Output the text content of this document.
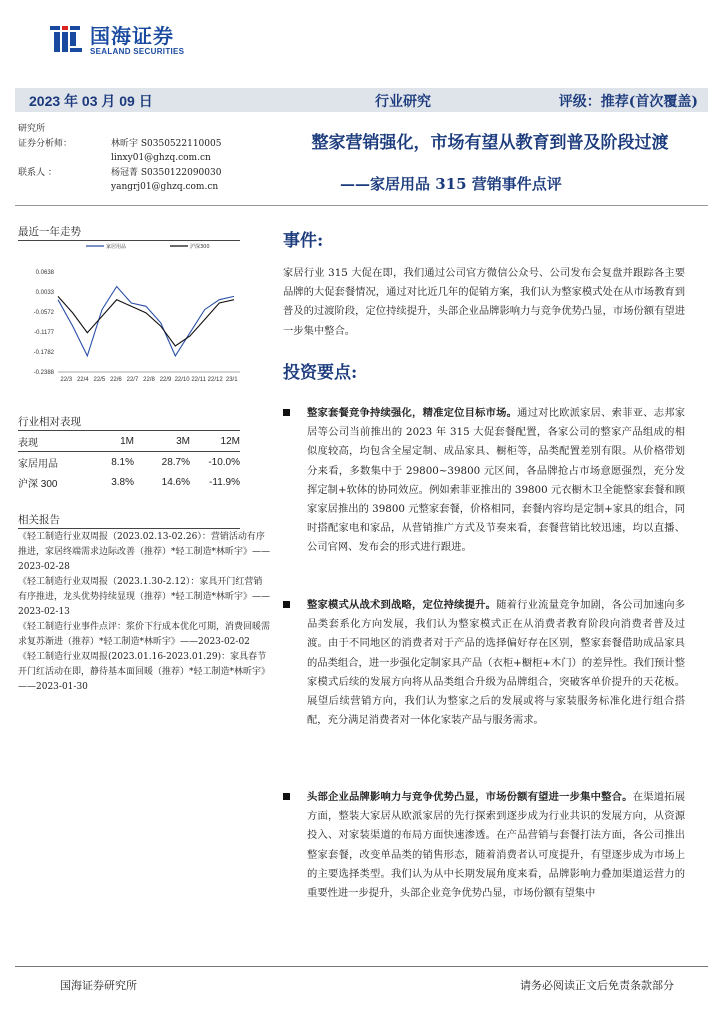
国海证券
SEALAND SECURITIES
2023 年 03 月 09 日	行业研究	评级：推荐(首次覆盖)
研究所
证券分析师：	林昕宇 S0350522110005
linxy01@ghzq.com.cn
联系人 ：	杨冠菁 S0350122090030
yangrj01@ghzq.com.cn
整家营销强化，市场有望从教育到普及阶段过渡
——家居用品 315 营销事件点评
最近一年走势
0.0638
0.0033
-0.0572
-0.1177
-0.1782
-0.2388
22/3 22/4 22/5 22/6 22/7 22/8 22/9 22/10 22/11 22/12 23/1
家居用品	沪深300
行业相对表现
表现	1M	3M	12M
家居用品	8.1%	28.7%	-10.0%
沪深 300	3.8%	14.6%	-11.9%
相关报告

《轻工制造行业双周报（2023.02.13-02.26）：营销活动有序推进，家居终端需求边际改善（推荐）*轻工制造*林昕宇》——2023-02-28

《轻工制造行业双周报（2023.1.30-2.12）：家具开门红营销有序推进，龙头优势持续显现（推荐）*轻工制造*林昕宇》——2023-02-13

《轻工制造行业事件点评：浆价下行成本优化可期，消费回暖需求复苏渐进（推荐）*轻工制造*林昕宇》——2023-02-02

《轻工制造行业双周报(2023.01.16-2023.01.29)：家具春节开门红活动在即，静待基本面回暖（推荐）*轻工制造*林昕宇》——2023-01-30

事件:
家居行业 315 大促在即，我们通过公司官方微信公众号、公司发布会复盘并跟踪各主要品牌的大促套餐情况，通过对比近几年的促销方案，我们认为整家模式处在从市场教育到普及的过渡阶段，定位持续提升，头部企业品牌影响力与竞争优势凸显，市场份额有望进一步集中整合。
投资要点:
整家套餐竞争持续强化，精准定位目标市场。通过对比欧派家居、索菲亚、志邦家居等公司当前推出的 2023 年 315 大促套餐配置，各家公司的整家产品组成的相似度较高，均包含全屋定制、成品家具、橱柜等，品类配置差别有限。从价格带划分来看，多数集中于 29800~39800 元区间，各品牌抢占市场意愿强烈，充分发挥定制+软体的协同效应。例如索菲亚推出的 39800 元衣橱木卫全能整家套餐和顾家家居推出的 39800 元整家套餐，价格相同，套餐内容均是定制+家具的组合，同时搭配家电和家品，从营销推广方式及节奏来看，套餐营销比较迅速，均以直播、公司官网、发布会的形式进行跟进。
整家模式从战术到战略，定位持续提升。随着行业流量竞争加剧，各公司加速向多品类套系化方向发展，我们认为整家模式正在从消费者教育阶段向消费者普及过渡。由于不同地区的消费者对于产品的选择偏好存在区别，整家套餐借助成品家具的品类组合，进一步强化定制家具产品（衣柜+橱柜+木门）的差异性。我们预计整家模式后续的发展方向将从品类组合升级为品牌组合，突破客单价提升的天花板。展望后续营销方向，我们认为整家之后的发展或将与家装服务标准化进行组合搭配，充分满足消费者对一体化家装产品与服务需求。
头部企业品牌影响力与竞争优势凸显，市场份额有望进一步集中整合。在渠道拓展方面，整装大家居从欧派家居的先行探索到逐步成为行业共识的发展方向，从资源投入、对家装渠道的布局方面快速渗透。在产品营销与套餐打法方面，各公司推出整家套餐，改变单品类的销售形态，随着消费者认可度提升，有望逐步成为市场上的主要选择类型。我们认为从中长期发展角度来看，品牌影响力叠加渠道运营力的重要性进一步提升，头部企业竞争优势凸显，市场份额有望集中
国海证券研究所	请务必阅读正文后免责条款部分
